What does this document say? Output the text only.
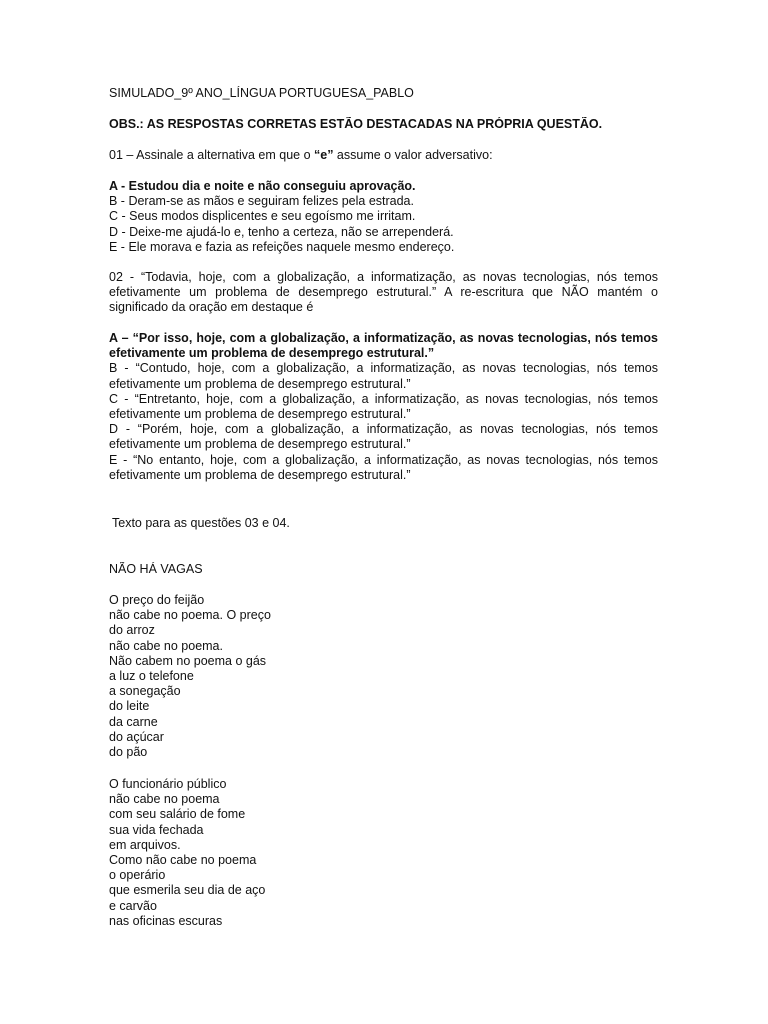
SIMULADO_9º ANO_LÍNGUA PORTUGUESA_PABLO
OBS.: AS RESPOSTAS CORRETAS ESTÃO DESTACADAS NA PRÓPRIA QUESTÃO.
01 – Assinale a alternativa em que o “e” assume o valor adversativo:
A - Estudou dia e noite e não conseguiu aprovação.
B - Deram-se as mãos e seguiram felizes pela estrada.
C - Seus modos displicentes e seu egoísmo me irritam.
D - Deixe-me ajudá-lo e, tenho a certeza, não se arrependerá.
E - Ele morava e fazia as refeições naquele mesmo endereço.

02 - “Todavia, hoje, com a globalização, a informatização, as novas tecnologias, nós temos efetivamente um problema de desemprego estrutural.” A re-escritura que NÃO mantém o significado da oração em destaque é

A – “Por isso, hoje, com a globalização, a informatização, as novas tecnologias, nós temos efetivamente um problema de desemprego estrutural.”

B - “Contudo, hoje, com a globalização, a informatização, as novas tecnologias, nós temos efetivamente um problema de desemprego estrutural.”

C - “Entretanto, hoje, com a globalização, a informatização, as novas tecnologias, nós temos efetivamente um problema de desemprego estrutural.”

D - “Porém, hoje, com a globalização, a informatização, as novas tecnologias, nós temos efetivamente um problema de desemprego estrutural.”

E - “No entanto, hoje, com a globalização, a informatização, as novas tecnologias, nós temos efetivamente um problema de desemprego estrutural.”

Texto para as questões 03 e 04.
NÃO HÁ VAGAS
O preço do feijão
não cabe no poema. O preço
do arroz
não cabe no poema.
Não cabem no poema o gás
a luz o telefone
a sonegação
do leite
da carne
do açúcar
do pão
O funcionário público
não cabe no poema
com seu salário de fome
sua vida fechada
em arquivos.
Como não cabe no poema
o operário
que esmerila seu dia de aço
e carvão
nas oficinas escuras
